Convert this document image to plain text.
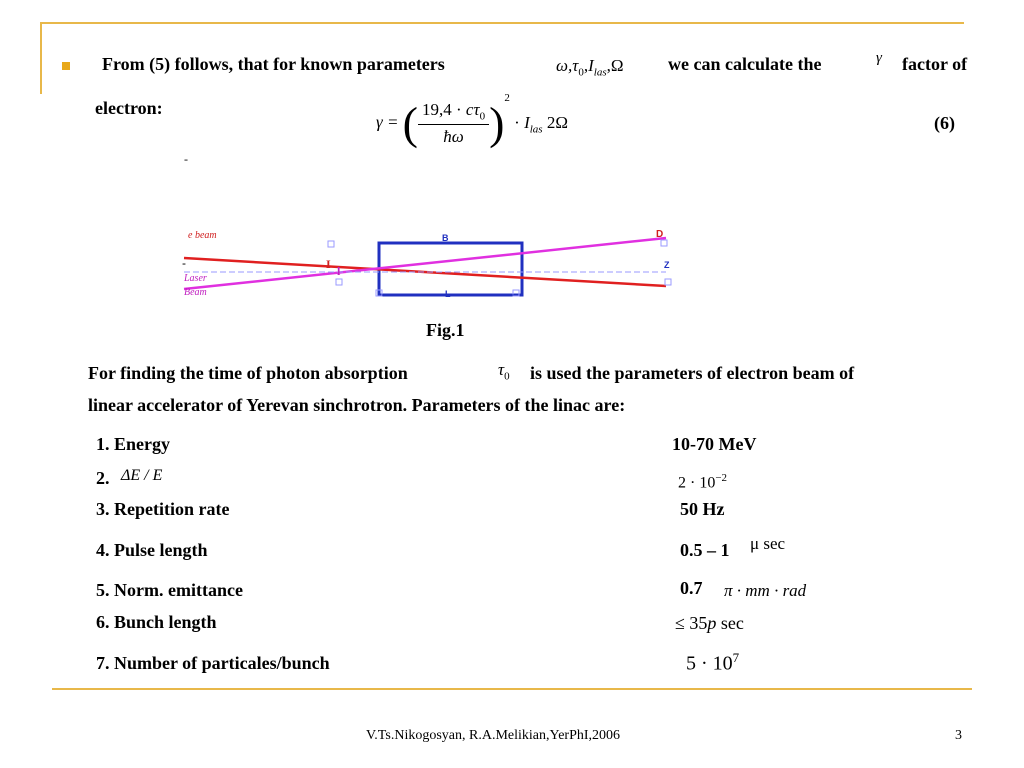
From (5) follows, that for known parameters	$\omega,\tau_0,I_{las},\Omega$ we can calculate the	γ factor of
electron:
(6)
γ = ( $\frac{19,4 \cdot c\tau_0}{ħ\omega} )^2 \cdot I_{las}$ 2Ω
-
e beam	B	D
Z
Laser
Beam	L
-	I l
Fig.1
For finding the time of photon absorption	$\tau_0$ is used the parameters of electron beam of
linear accelerator of Yerevan sinchrotron. Parameters of the linac are:
1. Energy	10-70 MeV
2. ΔE / E	$2 \cdot 10^{-2}$
3. Repetition rate	50 Hz
4. Pulse length	0.5 – 1 μ sec
5. Norm. emittance	0.7 π · mm · rad
6. Bunch length	≤ 35p sec
7. Number of particales/bunch	$5 \cdot 10^7$
V.Ts.Nikogosyan, R.A.Melikian,YerPhI,2006	3
